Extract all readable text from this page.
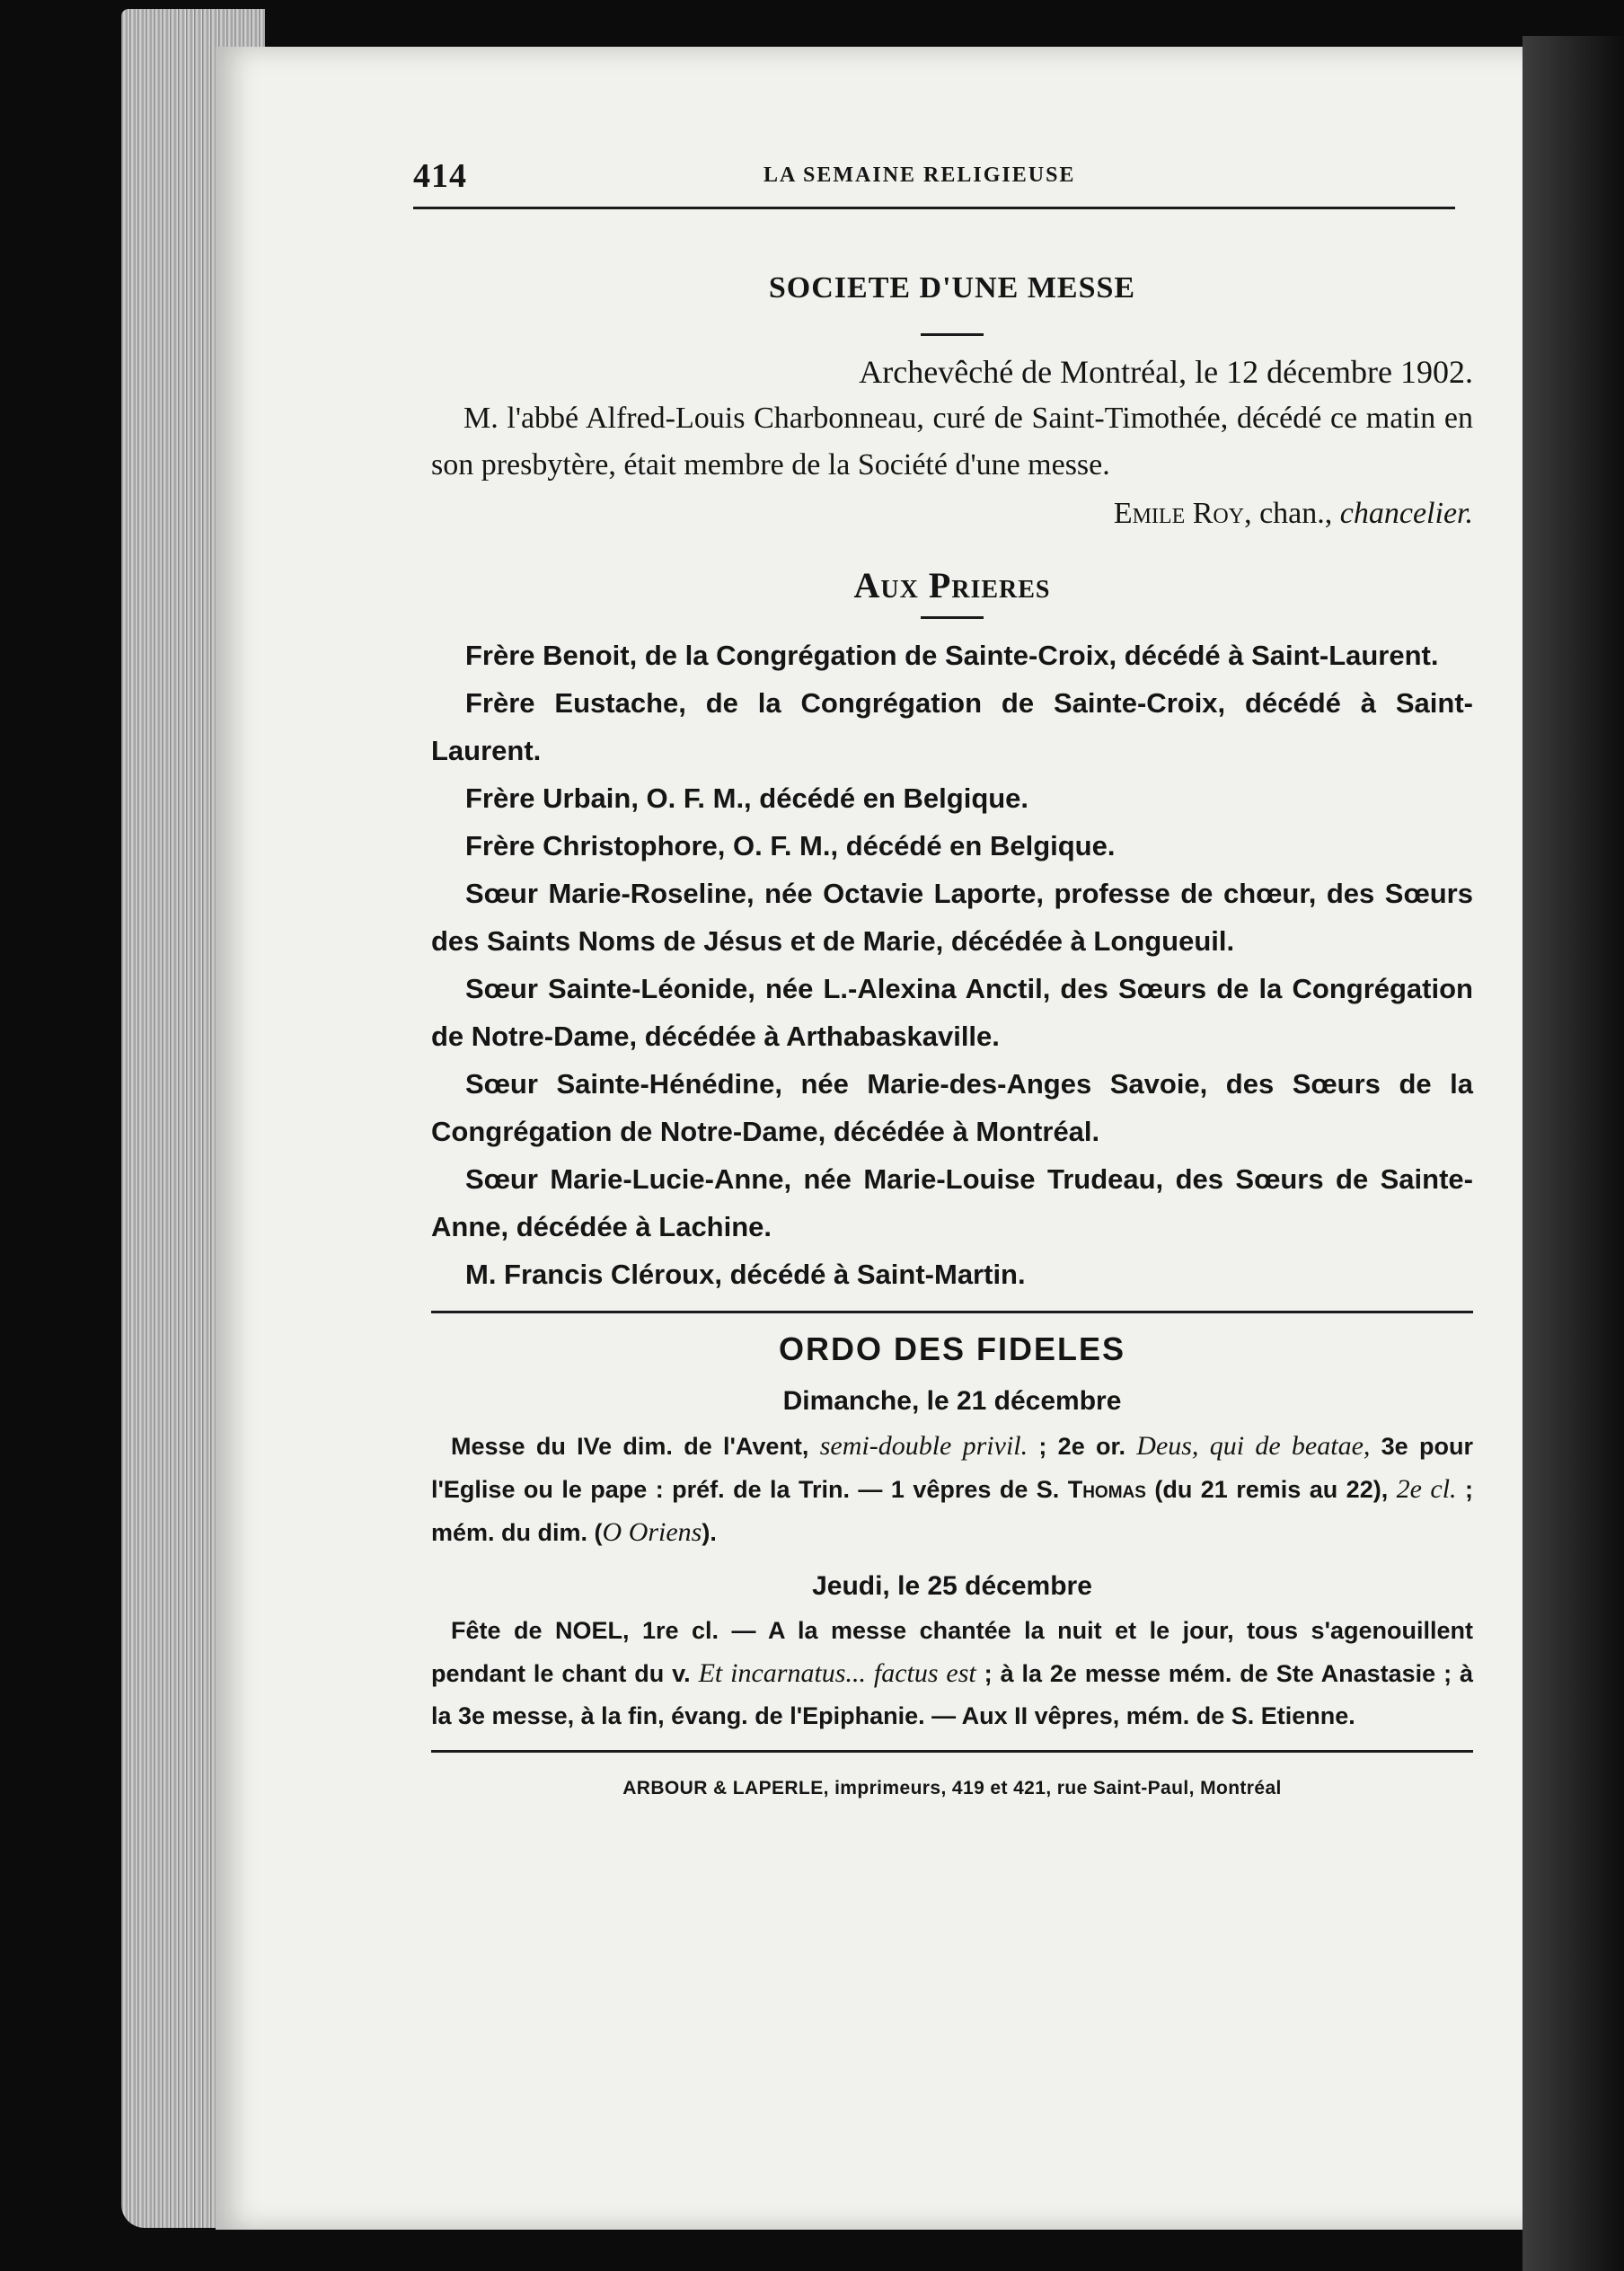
414	LA SEMAINE RELIGIEUSE
SOCIETE D'UNE MESSE
Archevêché de Montréal, le 12 décembre 1902.

M. l'abbé Alfred-Louis Charbonneau, curé de Saint-Timothée, décédé ce matin en son presbytère, était membre de la Société d'une messe.

Emile Roy, chan., chancelier.
Aux Prieres

Frère Benoit, de la Congrégation de Sainte-Croix, décédé à Saint-Laurent.

Frère Eustache, de la Congrégation de Sainte-Croix, décédé à Saint-Laurent.

Frère Urbain, O. F. M., décédé en Belgique.

Frère Christophore, O. F. M., décédé en Belgique.

Sœur Marie-Roseline, née Octavie Laporte, professe de chœur, des Sœurs des Saints Noms de Jésus et de Marie, décédée à Longueuil.

Sœur Sainte-Léonide, née L.-Alexina Anctil, des Sœurs de la Congrégation de Notre-Dame, décédée à Arthabaskaville.

Sœur Sainte-Hénédine, née Marie-des-Anges Savoie, des Sœurs de la Congrégation de Notre-Dame, décédée à Montréal.

Sœur Marie-Lucie-Anne, née Marie-Louise Trudeau, des Sœurs de Sainte-Anne, décédée à Lachine.

M. Francis Cléroux, décédé à Saint-Martin.

ORDO DES FIDELES
Dimanche, le 21 décembre

Messe du IVe dim. de l'Avent, semi-double privil. ; 2e or. Deus, qui de beatae, 3e pour l'Eglise ou le pape : préf. de la Trin. — 1 vêpres de S. Thomas (du 21 remis au 22), 2e cl. ; mém. du dim. (O Oriens).

Jeudi, le 25 décembre

Fête de NOEL, 1re cl. — A la messe chantée la nuit et le jour, tous s'agenouillent pendant le chant du v. Et incarnatus... factus est ; à la 2e messe mém. de Ste Anastasie ; à la 3e messe, à la fin, évang. de l'Epiphanie. — Aux II vêpres, mém. de S. Etienne.

ARBOUR & LAPERLE, imprimeurs, 419 et 421, rue Saint-Paul, Montréal
